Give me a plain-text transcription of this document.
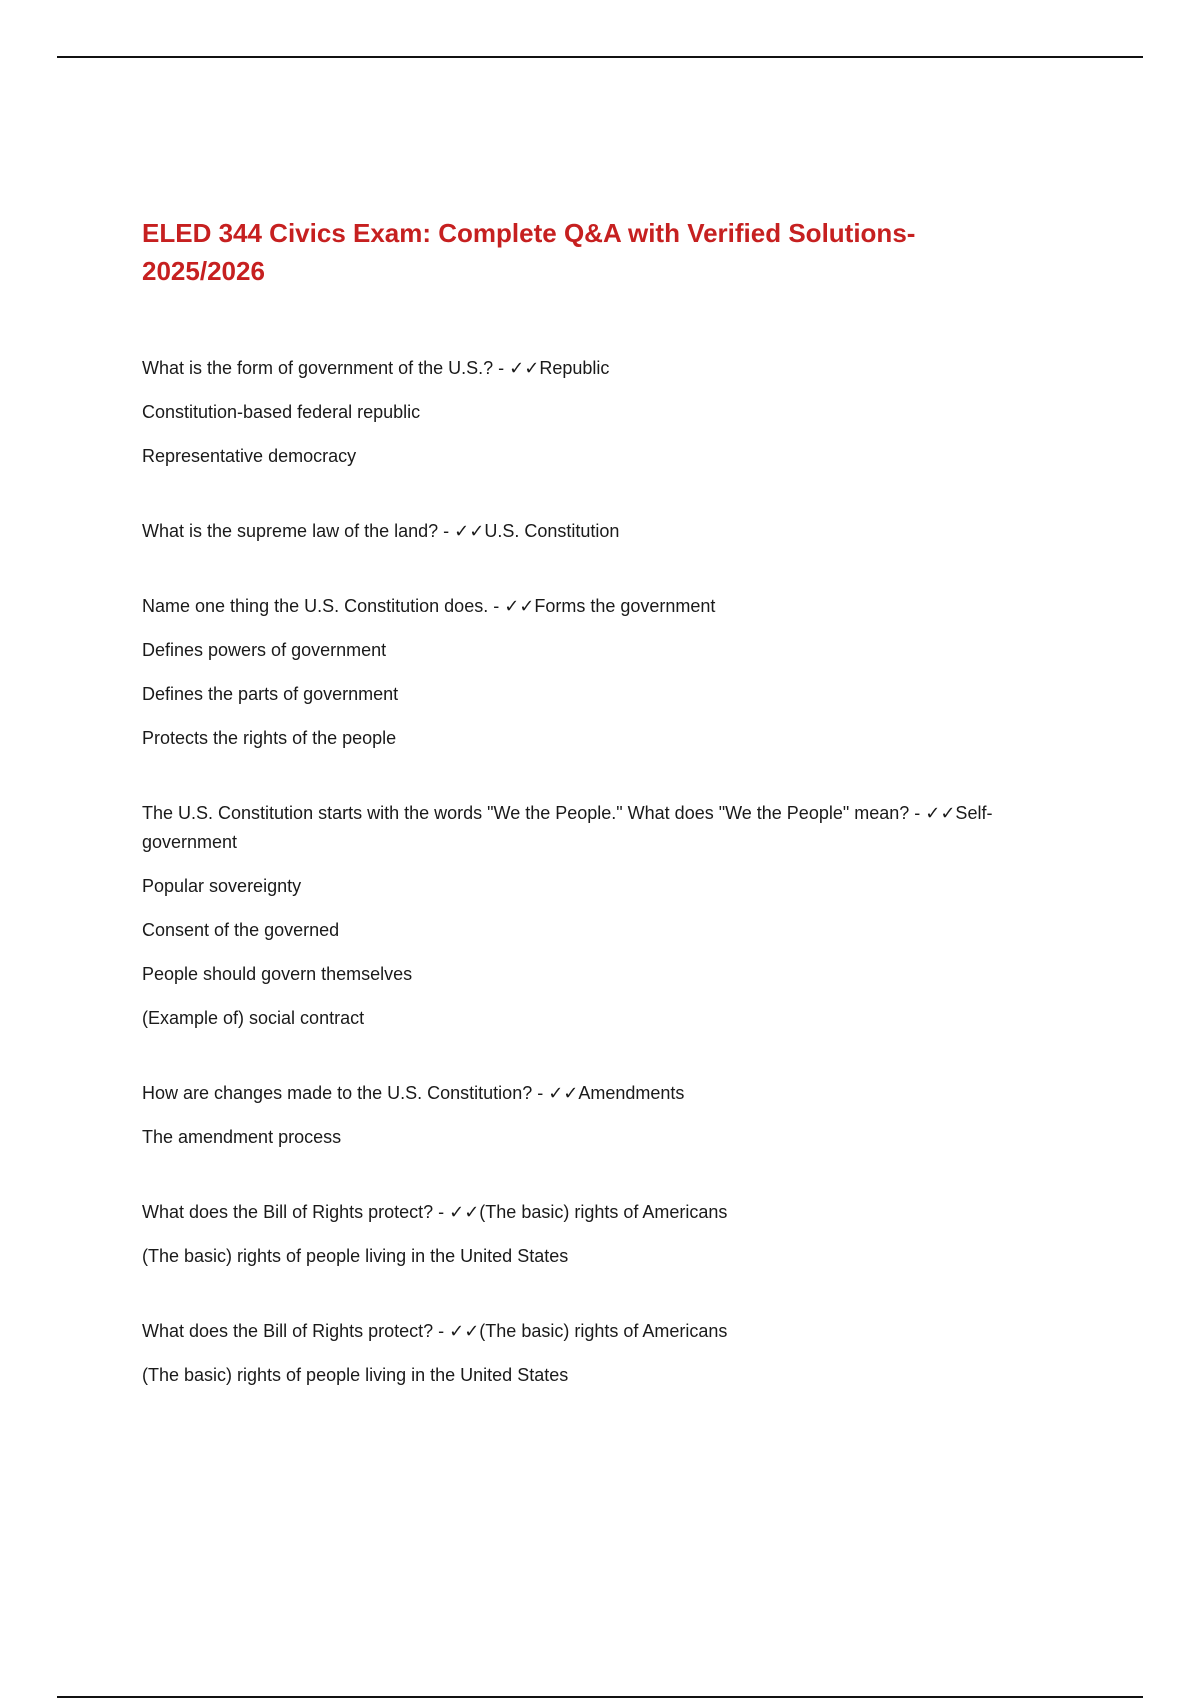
ELED 344 Civics Exam: Complete Q&A with Verified Solutions-2025/2026

What is the form of government of the U.S.? - ✓✓Republic

Constitution-based federal republic

Representative democracy

What is the supreme law of the land? - ✓✓U.S. Constitution

Name one thing the U.S. Constitution does. - ✓✓Forms the government

Defines powers of government

Defines the parts of government

Protects the rights of the people

The U.S. Constitution starts with the words "We the People." What does "We the People" mean? - ✓✓Self-government

Popular sovereignty

Consent of the governed

People should govern themselves

(Example of) social contract

How are changes made to the U.S. Constitution? - ✓✓Amendments

The amendment process

What does the Bill of Rights protect? - ✓✓(The basic) rights of Americans

(The basic) rights of people living in the United States

What does the Bill of Rights protect? - ✓✓(The basic) rights of Americans

(The basic) rights of people living in the United States
